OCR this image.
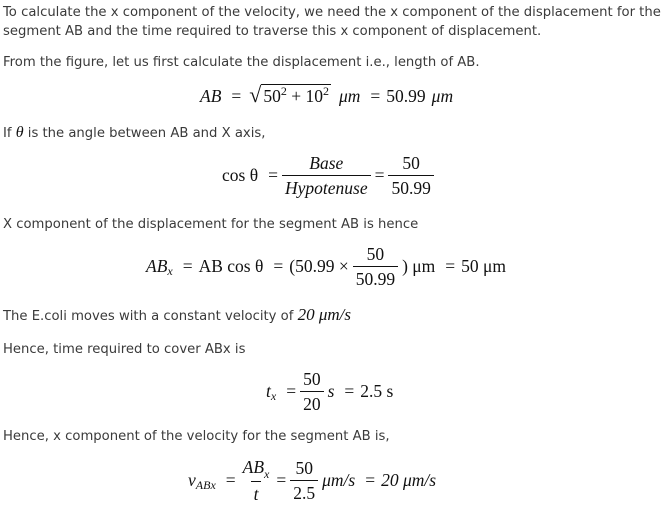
To calculate the x component of the velocity, we need the x component of the displacement for the
segment AB and the time required to traverse this x component of displacement.
From the figure, let us first calculate the displacement i.e., length of AB.
AB = √ $50^2 + 10^2$ μm = 50.99 μm
If θ is the angle between AB and X axis,
$\cos \theta = \frac{\text{Base}}{\text{Hypotenuse}} = \frac{50}{50.99}$
X component of the displacement for the segment AB is hence
AB x = AB $\cos \theta = (50.99 \times \frac{50}{50.99}$ ) μm = 50 μm
The E.coli moves with a constant velocity of 20 μm/s
Hence, time required to cover ABx is
t $x = \frac{50}{20}$ s = 2.5 s
Hence, x component of the velocity for the segment AB is,
v ABx = $\frac{AB_x}{t} = \frac{50}{2.5} \mu m/s = 20$ μm/s
